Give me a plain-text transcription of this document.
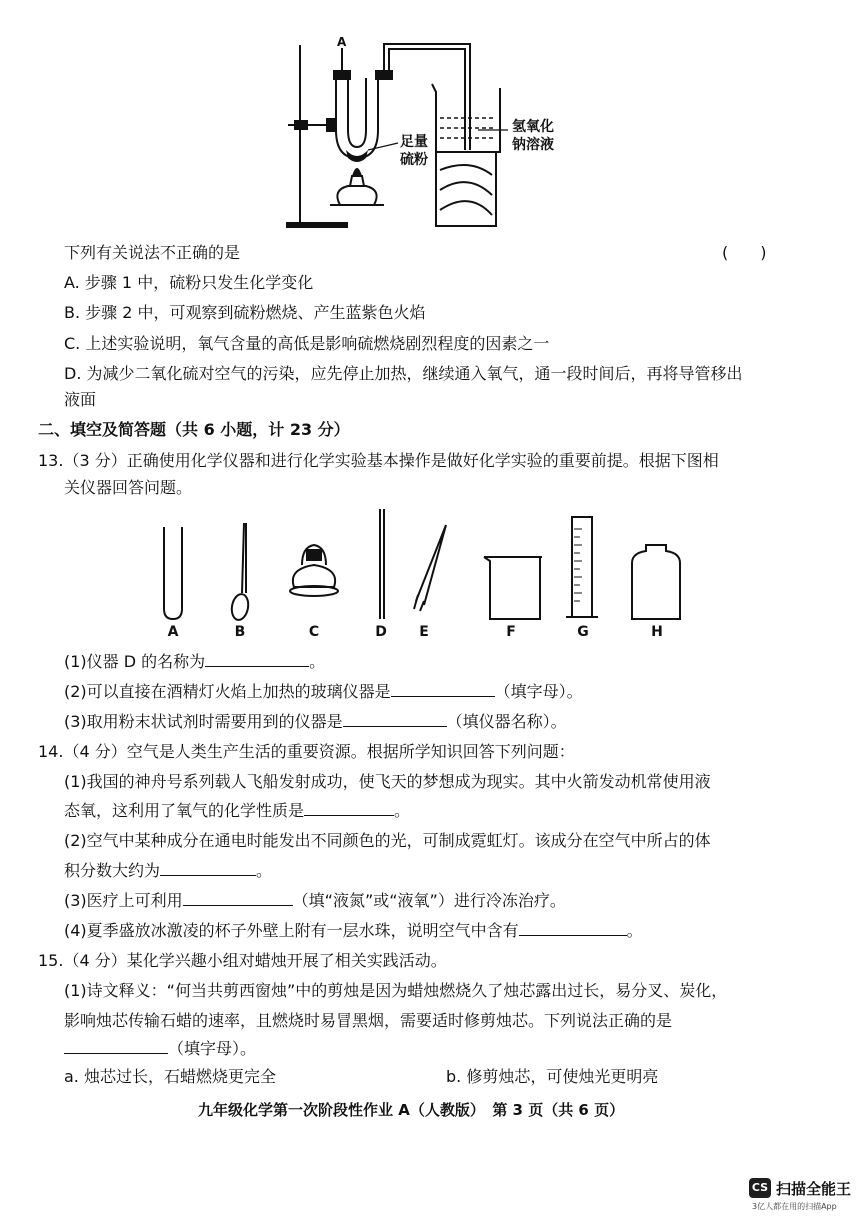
A
足量
硫粉
氢氧化
钠溶液
下列有关说法不正确的是	(　　)
A. 步骤 1 中，硫粉只发生化学变化
B. 步骤 2 中，可观察到硫粉燃烧、产生蓝紫色火焰
C. 上述实验说明，氧气含量的高低是影响硫燃烧剧烈程度的因素之一
D. 为减少二氧化硫对空气的污染，应先停止加热，继续通入氧气，通一段时间后，再将导管移出
液面
二、填空及简答题（共 6 小题，计 23 分）
13.（3 分）正确使用化学仪器和进行化学实验基本操作是做好化学实验的重要前提。根据下图相
关仪器回答问题。
A	B	C	D	E	F	G	H
(1)仪器 D 的名称为	。
(2)可以直接在酒精灯火焰上加热的玻璃仪器是	（填字母）。
(3)取用粉末状试剂时需要用到的仪器是	（填仪器名称）。
14.（4 分）空气是人类生产生活的重要资源。根据所学知识回答下列问题：
(1)我国的神舟号系列载人飞船发射成功，使飞天的梦想成为现实。其中火箭发动机常使用液
态氧，这利用了氧气的化学性质是	。
(2)空气中某种成分在通电时能发出不同颜色的光，可制成霓虹灯。该成分在空气中所占的体
积分数大约为	。
(3)医疗上可利用	（填“液氮”或“液氧”）进行冷冻治疗。
(4)夏季盛放冰激凌的杯子外壁上附有一层水珠，说明空气中含有	。
15.（4 分）某化学兴趣小组对蜡烛开展了相关实践活动。
(1)诗文释义：“何当共剪西窗烛”中的剪烛是因为蜡烛燃烧久了烛芯露出过长，易分叉、炭化，
影响烛芯传输石蜡的速率，且燃烧时易冒黑烟，需要适时修剪烛芯。下列说法正确的是
（填字母）。
a. 烛芯过长，石蜡燃烧更完全	b. 修剪烛芯，可使烛光更明亮
九年级化学第一次阶段性作业 A（人教版）　第 3 页（共 6 页）
CS 扫描全能王
3亿人都在用的扫描App
